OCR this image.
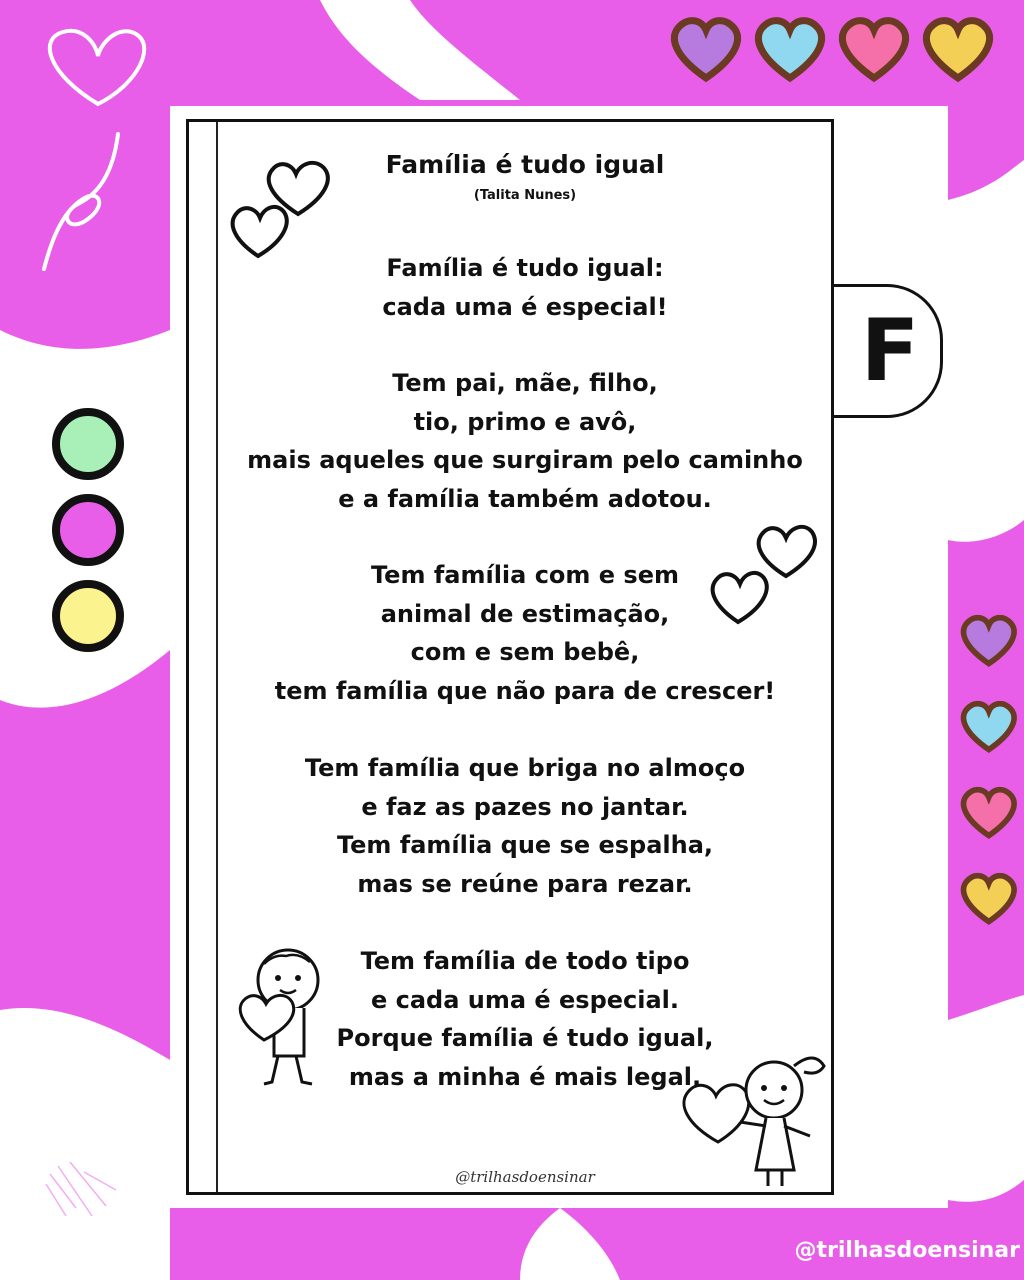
F
Família é tudo igual

(Talita Nunes)

Família é tudo igual:
cada uma é especial!
Tem pai, mãe, filho,
tio, primo e avô,
mais aqueles que surgiram pelo caminho
e a família também adotou.
Tem família com e sem
animal de estimação,
com e sem bebê,
tem família que não para de crescer!
Tem família que briga no almoço
e faz as pazes no jantar.
Tem família que se espalha,
mas se reúne para rezar.
Tem família de todo tipo
e cada uma é especial.
Porque família é tudo igual,
mas a minha é mais legal.
@trilhasdoensinar
@trilhasdoensinar
